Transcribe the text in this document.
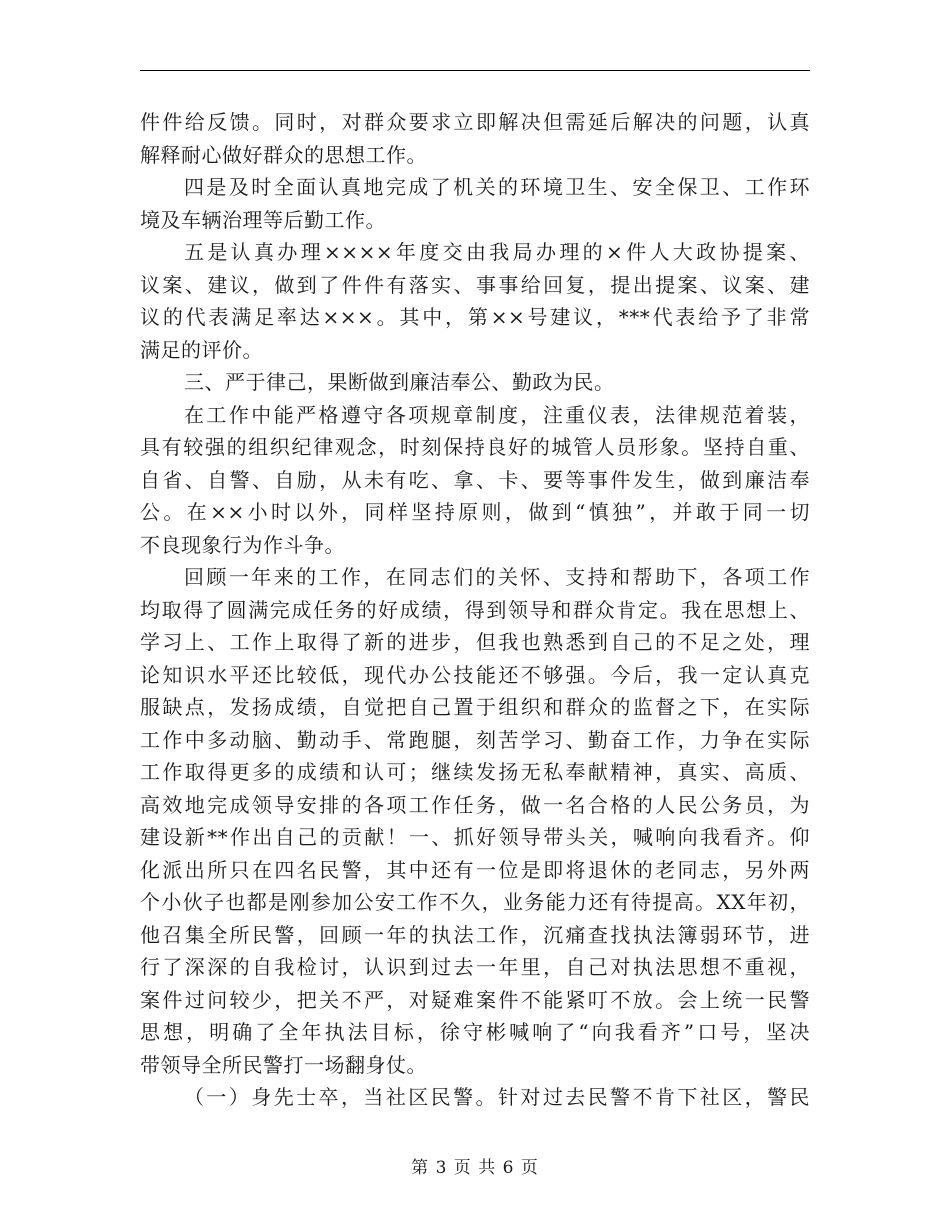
件件给反馈。同时，对群众要求立即解决但需延后解决的问题，认真
解释耐心做好群众的思想工作。
四是及时全面认真地完成了机关的环境卫生、安全保卫、工作环
境及车辆治理等后勤工作。
五是认真办理××××年度交由我局办理的×件人大政协提案、
议案、建议，做到了件件有落实、事事给回复，提出提案、议案、建
议的代表满足率达×××。其中，第××号建议，***代表给予了非常
满足的评价。
三、严于律己，果断做到廉洁奉公、勤政为民。
在工作中能严格遵守各项规章制度，注重仪表，法律规范着装，
具有较强的组织纪律观念，时刻保持良好的城管人员形象。坚持自重、
自省、自警、自励，从未有吃、拿、卡、要等事件发生，做到廉洁奉
公。在××小时以外，同样坚持原则，做到“慎独”，并敢于同一切
不良现象行为作斗争。
回顾一年来的工作，在同志们的关怀、支持和帮助下，各项工作
均取得了圆满完成任务的好成绩，得到领导和群众肯定。我在思想上、
学习上、工作上取得了新的进步，但我也熟悉到自己的不足之处，理
论知识水平还比较低，现代办公技能还不够强。今后，我一定认真克
服缺点，发扬成绩，自觉把自己置于组织和群众的监督之下，在实际
工作中多动脑、勤动手、常跑腿，刻苦学习、勤奋工作，力争在实际
工作取得更多的成绩和认可；继续发扬无私奉献精神，真实、高质、
高效地完成领导安排的各项工作任务，做一名合格的人民公务员，为
建设新**作出自己的贡献！一、抓好领导带头关，喊响向我看齐。仰
化派出所只在四名民警，其中还有一位是即将退休的老同志，另外两
个小伙子也都是刚参加公安工作不久，业务能力还有待提高。XX年初，
他召集全所民警，回顾一年的执法工作，沉痛查找执法簿弱环节，进
行了深深的自我检讨，认识到过去一年里，自己对执法思想不重视，
案件过问较少，把关不严，对疑难案件不能紧叮不放。会上统一民警
思想，明确了全年执法目标，徐守彬喊响了“向我看齐”口号，坚决
带领导全所民警打一场翻身仗。
（一）身先士卒，当社区民警。针对过去民警不肯下社区，警民
第 3 页 共 6 页
